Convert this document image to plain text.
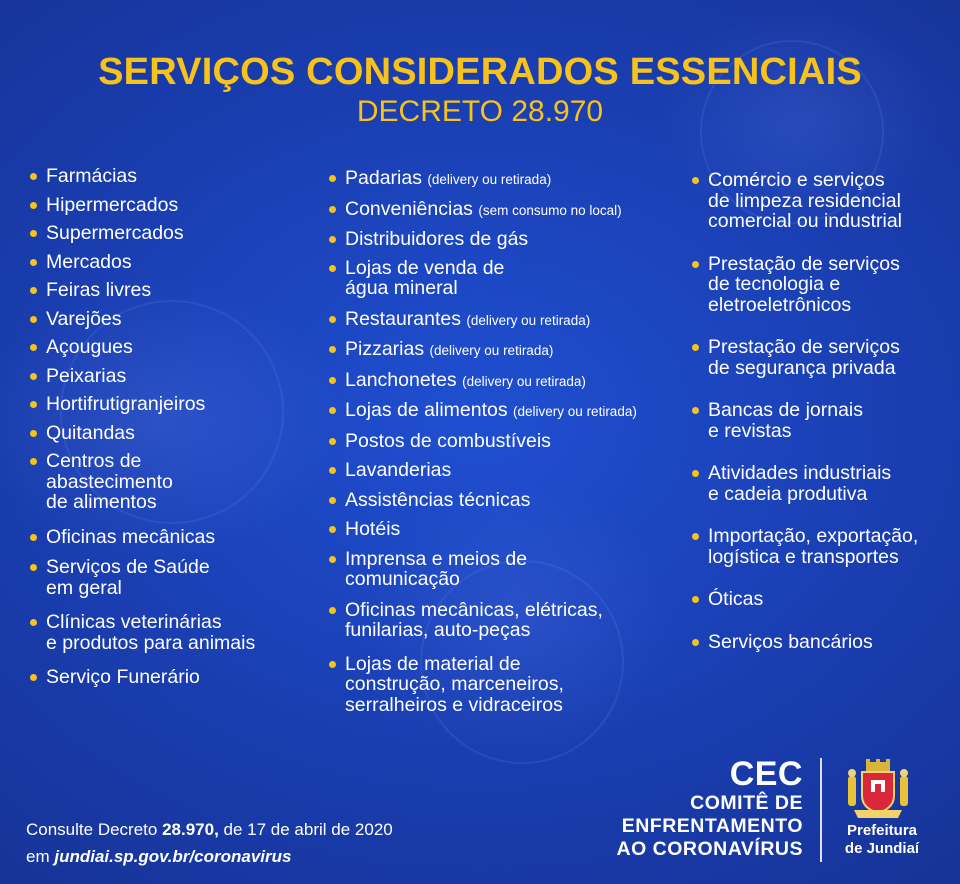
SERVIÇOS CONSIDERADOS ESSENCIAIS
DECRETO 28.970
Farmácias
Hipermercados
Supermercados
Mercados
Feiras livres
Varejões
Açougues
Peixarias
Hortifrutigranjeiros
Quitandas
Centros de
abastecimento
de alimentos
Oficinas mecânicas
Serviços de Saúde
em geral
Clínicas veterinárias
e produtos para animais
Serviço Funerário
Padarias (delivery ou retirada)
Conveniências (sem consumo no local)
Distribuidores de gás
Lojas de venda de
água mineral
Restaurantes (delivery ou retirada)
Pizzarias (delivery ou retirada)
Lanchonetes (delivery ou retirada)
Lojas de alimentos (delivery ou retirada)
Postos de combustíveis
Lavanderias
Assistências técnicas
Hotéis
Imprensa e meios de
comunicação
Oficinas mecânicas, elétricas,
funilarias, auto-peças
Lojas de material de
construção, marceneiros,
serralheiros e vidraceiros
Comércio e serviços
de limpeza residencial
comercial ou industrial
Prestação de serviços
de tecnologia e
eletroeletrônicos
Prestação de serviços
de segurança privada
Bancas de jornais
e revistas
Atividades industriais
e cadeia produtiva
Importação, exportação,
logística e transportes
Óticas
Serviços bancários
Consulte Decreto 28.970, de 17 de abril de 2020
em jundiai.sp.gov.br/coronavirus
CEC
COMITÊ DE
ENFRENTAMENTO
AO CORONAVÍRUS
Prefeitura
de Jundiaí
